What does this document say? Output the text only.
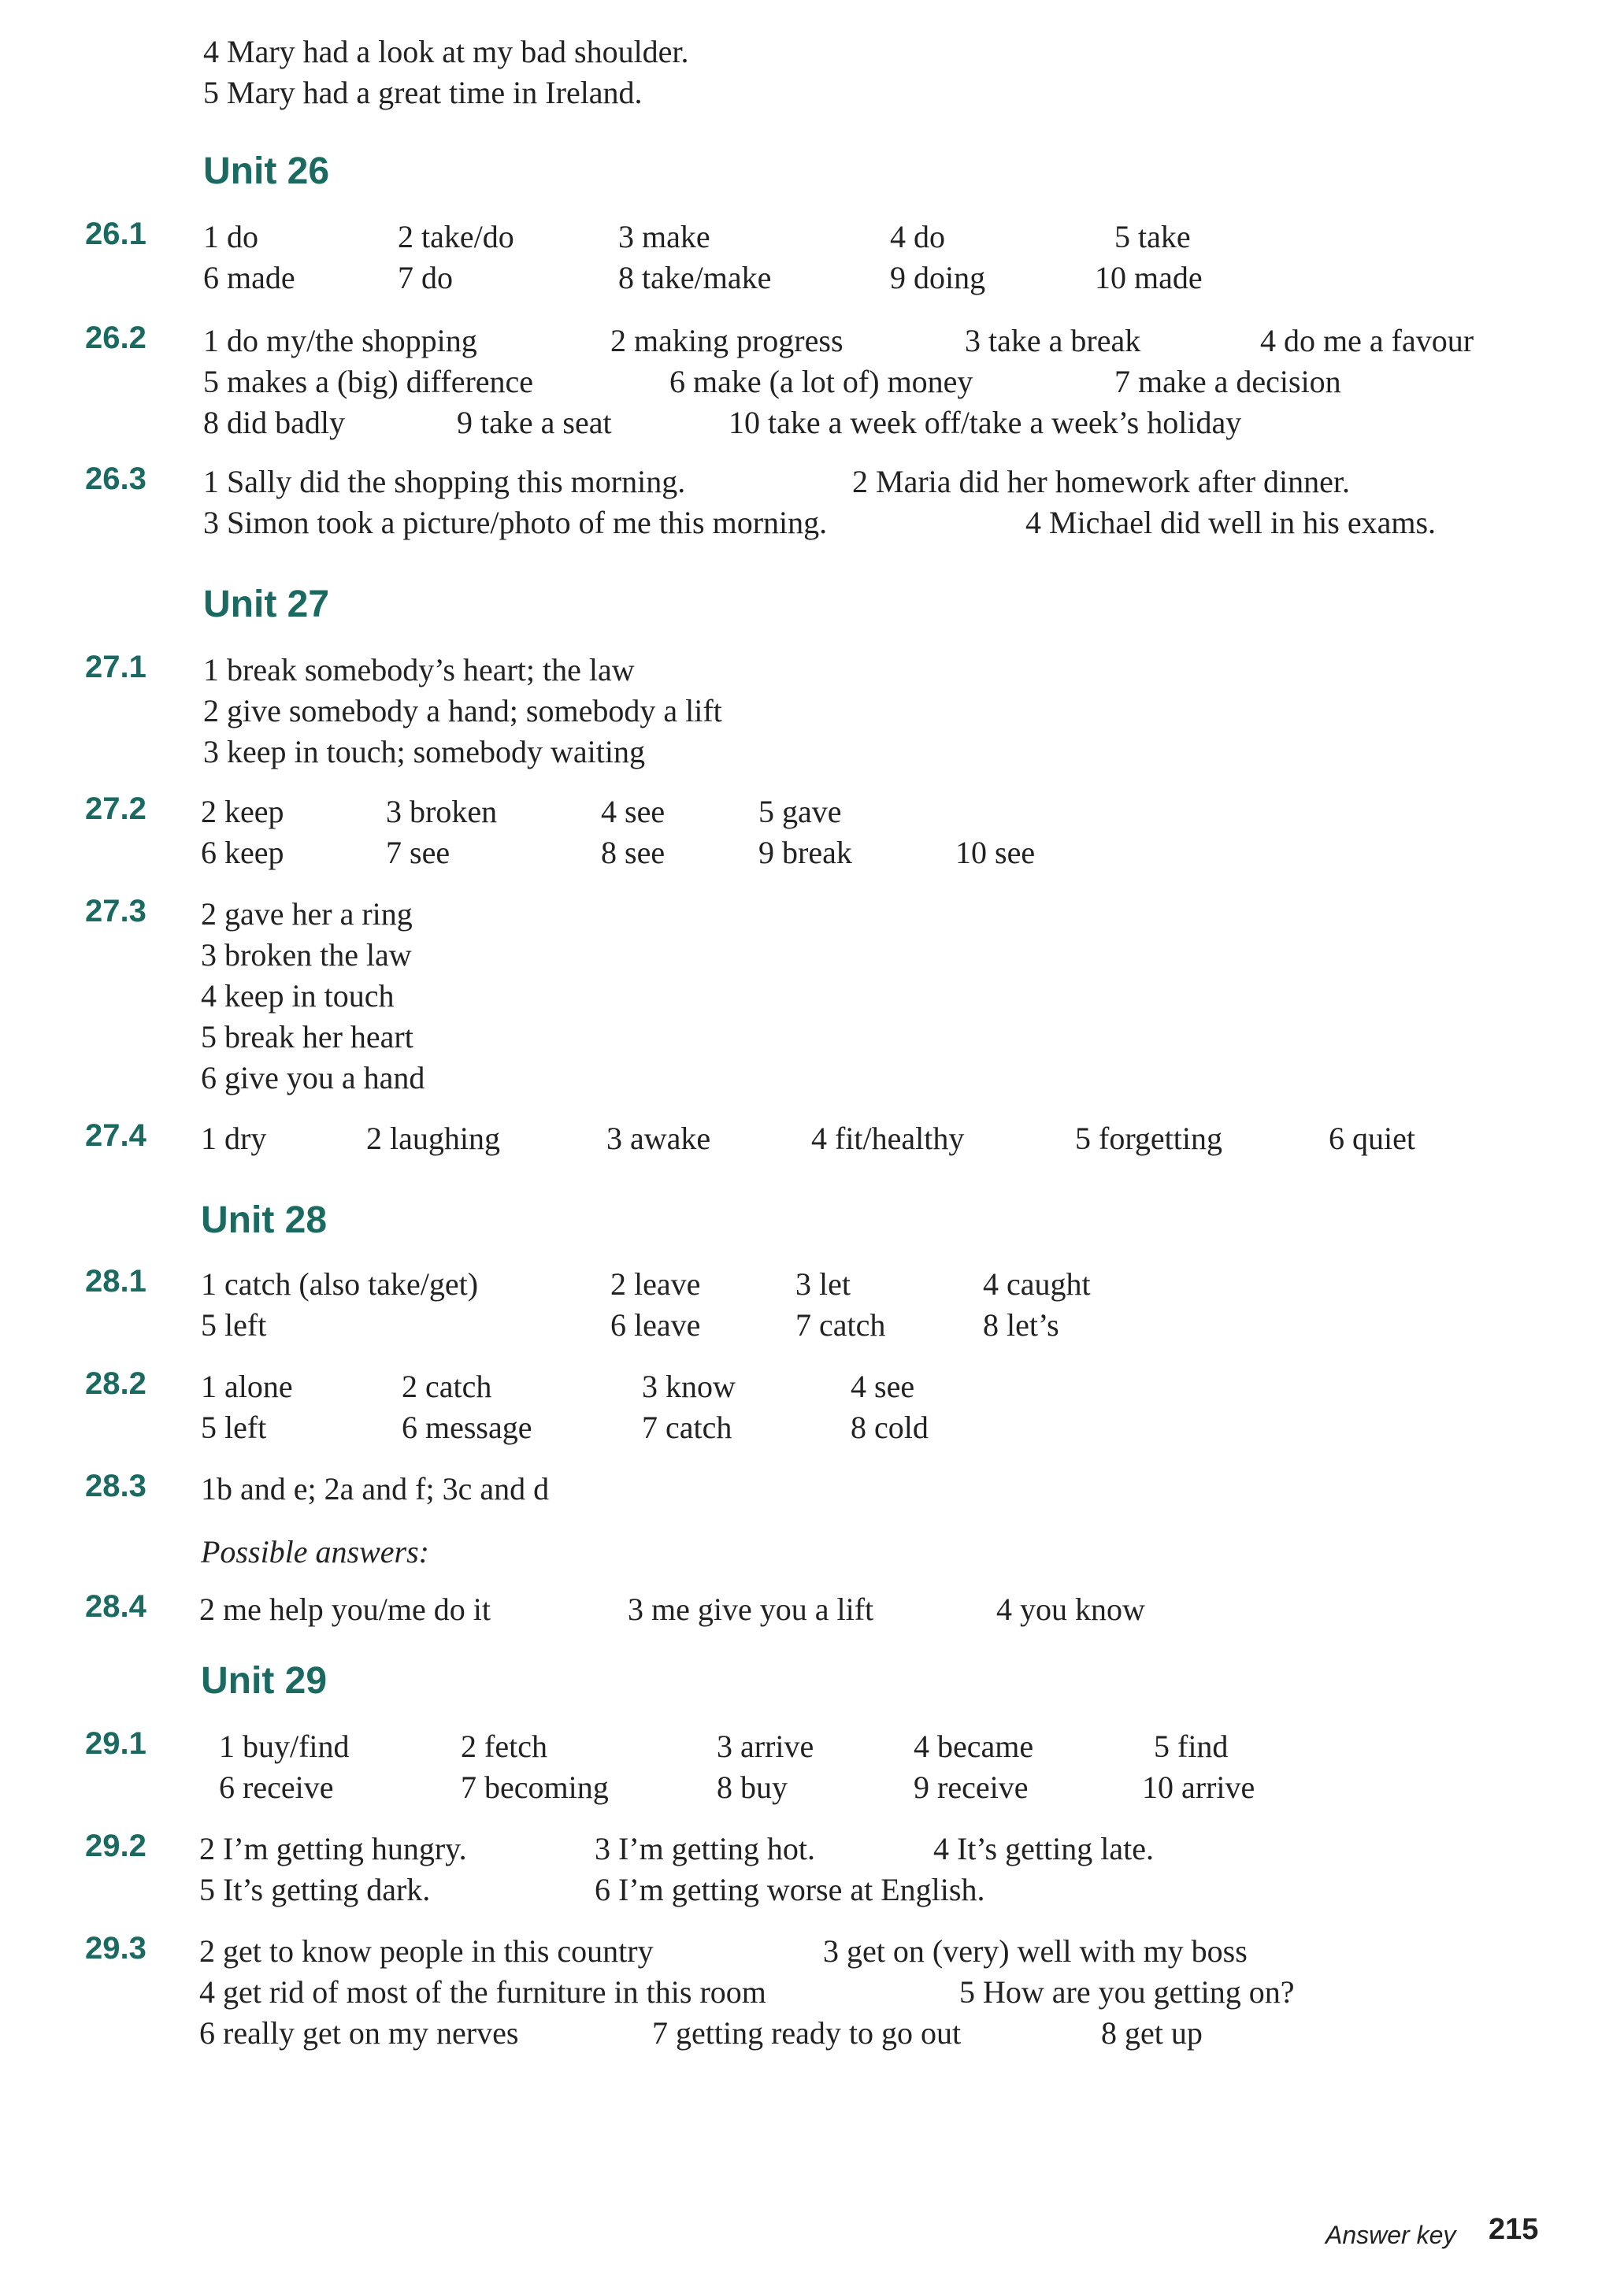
4 Mary had a look at my bad shoulder.
5 Mary had a great time in Ireland.
Unit 26
26.1 1 do	2 take/do	3 make	4 do	5 take
6 made	7 do	8 take/make	9 doing	10 made
26.2 1 do my/the shopping	2 making progress	3 take a break	4 do me a favour
5 makes a (big) difference	6 make (a lot of) money	7 make a decision
8 did badly	9 take a seat	10 take a week off/take a week’s holiday
26.3 1 Sally did the shopping this morning.	2 Maria did her homework after dinner.
3 Simon took a picture/photo of me this morning.	4 Michael did well in his exams.
Unit 27
27.1 1 break somebody’s heart; the law
2 give somebody a hand; somebody a lift
3 keep in touch; somebody waiting
27.2 2 keep	3 broken	4 see	5 gave
6 keep	7 see	8 see	9 break	10 see
27.3 2 gave her a ring
3 broken the law
4 keep in touch
5 break her heart
6 give you a hand
27.4 1 dry	2 laughing	3 awake	4 fit/healthy	5 forgetting	6 quiet
Unit 28
28.1 1 catch (also take/get)	2 leave	3 let	4 caught
5 left	6 leave	7 catch	8 let’s
28.2 1 alone	2 catch	3 know	4 see
5 left	6 message	7 catch	8 cold
28.3 1b and e; 2a and f; 3c and d
28.4
Possible answers:
2 me help you/me do it	3 me give you a lift	4 you know
Unit 29
29.1 1 buy/find	2 fetch	3 arrive	4 became	5 find
6 receive	7 becoming	8 buy	9 receive	10 arrive
29.2 2 I’m getting hungry.	3 I’m getting hot.	4 It’s getting late.
5 It’s getting dark.	6 I’m getting worse at English.
29.3 2 get to know people in this country	3 get on (very) well with my boss
4 get rid of most of the furniture in this room	5 How are you getting on?
6 really get on my nerves	7 getting ready to go out	8 get up
Answer key 215
